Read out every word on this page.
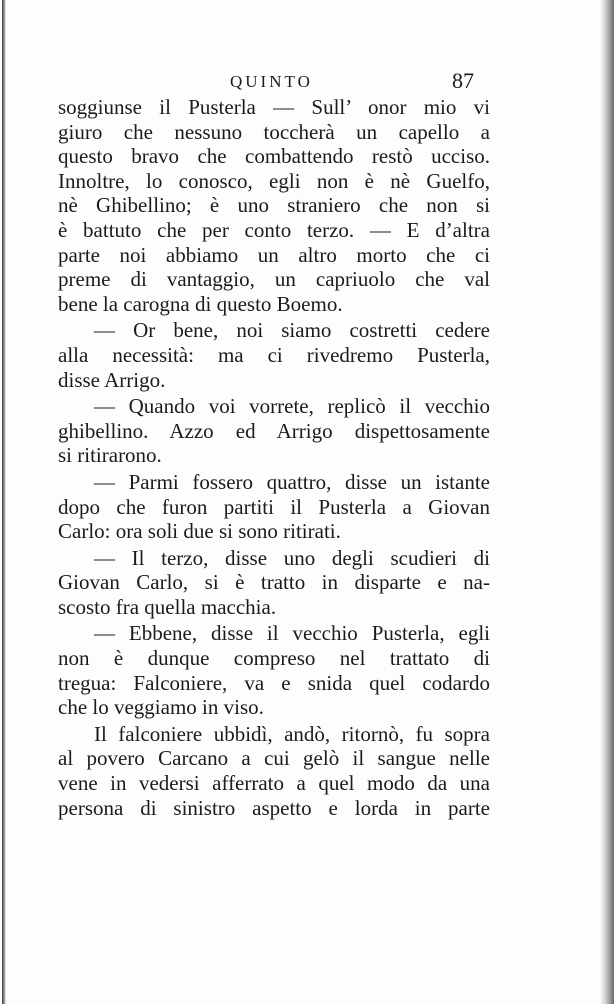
QUINTO	87
soggiunse il Pusterla — Sull’ onor mio vi
giuro che nessuno toccherà un capello a
questo bravo che combattendo restò ucciso.
Innoltre, lo conosco, egli non è nè Guelfo,
nè Ghibellino; è uno straniero che non si
è battuto che per conto terzo. — E d’altra
parte noi abbiamo un altro morto che ci
preme di vantaggio, un capriuolo che val
bene la carogna di questo Boemo.
— Or bene, noi siamo costretti cedere
alla necessità: ma ci rivedremo Pusterla,
disse Arrigo.
— Quando voi vorrete, replicò il vecchio
ghibellino. Azzo ed Arrigo dispettosamente
si ritirarono.
— Parmi fossero quattro, disse un istante
dopo che furon partiti il Pusterla a Giovan
Carlo: ora soli due si sono ritirati.
— Il terzo, disse uno degli scudieri di
Giovan Carlo, si è tratto in disparte e na-
scosto fra quella macchia.
— Ebbene, disse il vecchio Pusterla, egli
non è dunque compreso nel trattato di
tregua: Falconiere, va e snida quel codardo
che lo veggiamo in viso.
Il falconiere ubbidì, andò, ritornò, fu sopra
al povero Carcano a cui gelò il sangue nelle
vene in vedersi afferrato a quel modo da una
persona di sinistro aspetto e lorda in parte
